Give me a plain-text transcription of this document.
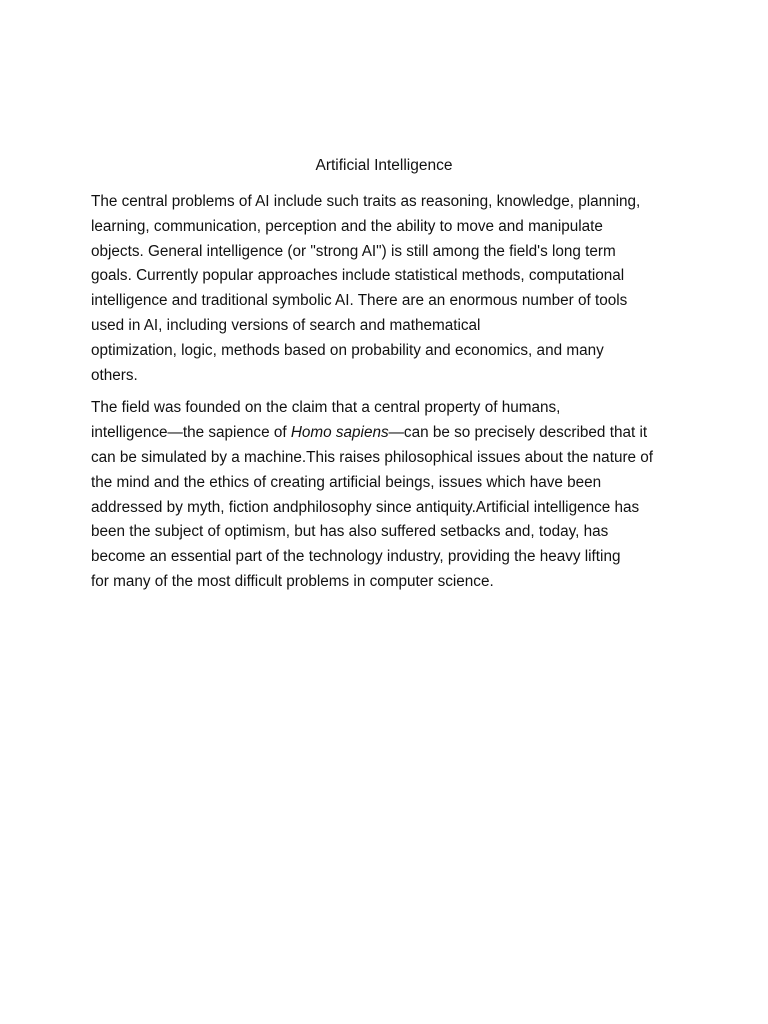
Artificial Intelligence

The central problems of AI include such traits as reasoning, knowledge, planning,
learning, communication, perception and the ability to move and manipulate
objects. General intelligence (or "strong AI") is still among the field's long term
goals. Currently popular approaches include statistical methods, computational
intelligence and traditional symbolic AI. There are an enormous number of tools
used in AI, including versions of search and mathematical
optimization, logic, methods based on probability and economics, and many
others.

The field was founded on the claim that a central property of humans,
intelligence—the sapience of Homo sapiens—can be so precisely described that it
can be simulated by a machine.This raises philosophical issues about the nature of
the mind and the ethics of creating artificial beings, issues which have been
addressed by myth, fiction andphilosophy since antiquity.Artificial intelligence has
been the subject of optimism, but has also suffered setbacks and, today, has
become an essential part of the technology industry, providing the heavy lifting
for many of the most difficult problems in computer science.
